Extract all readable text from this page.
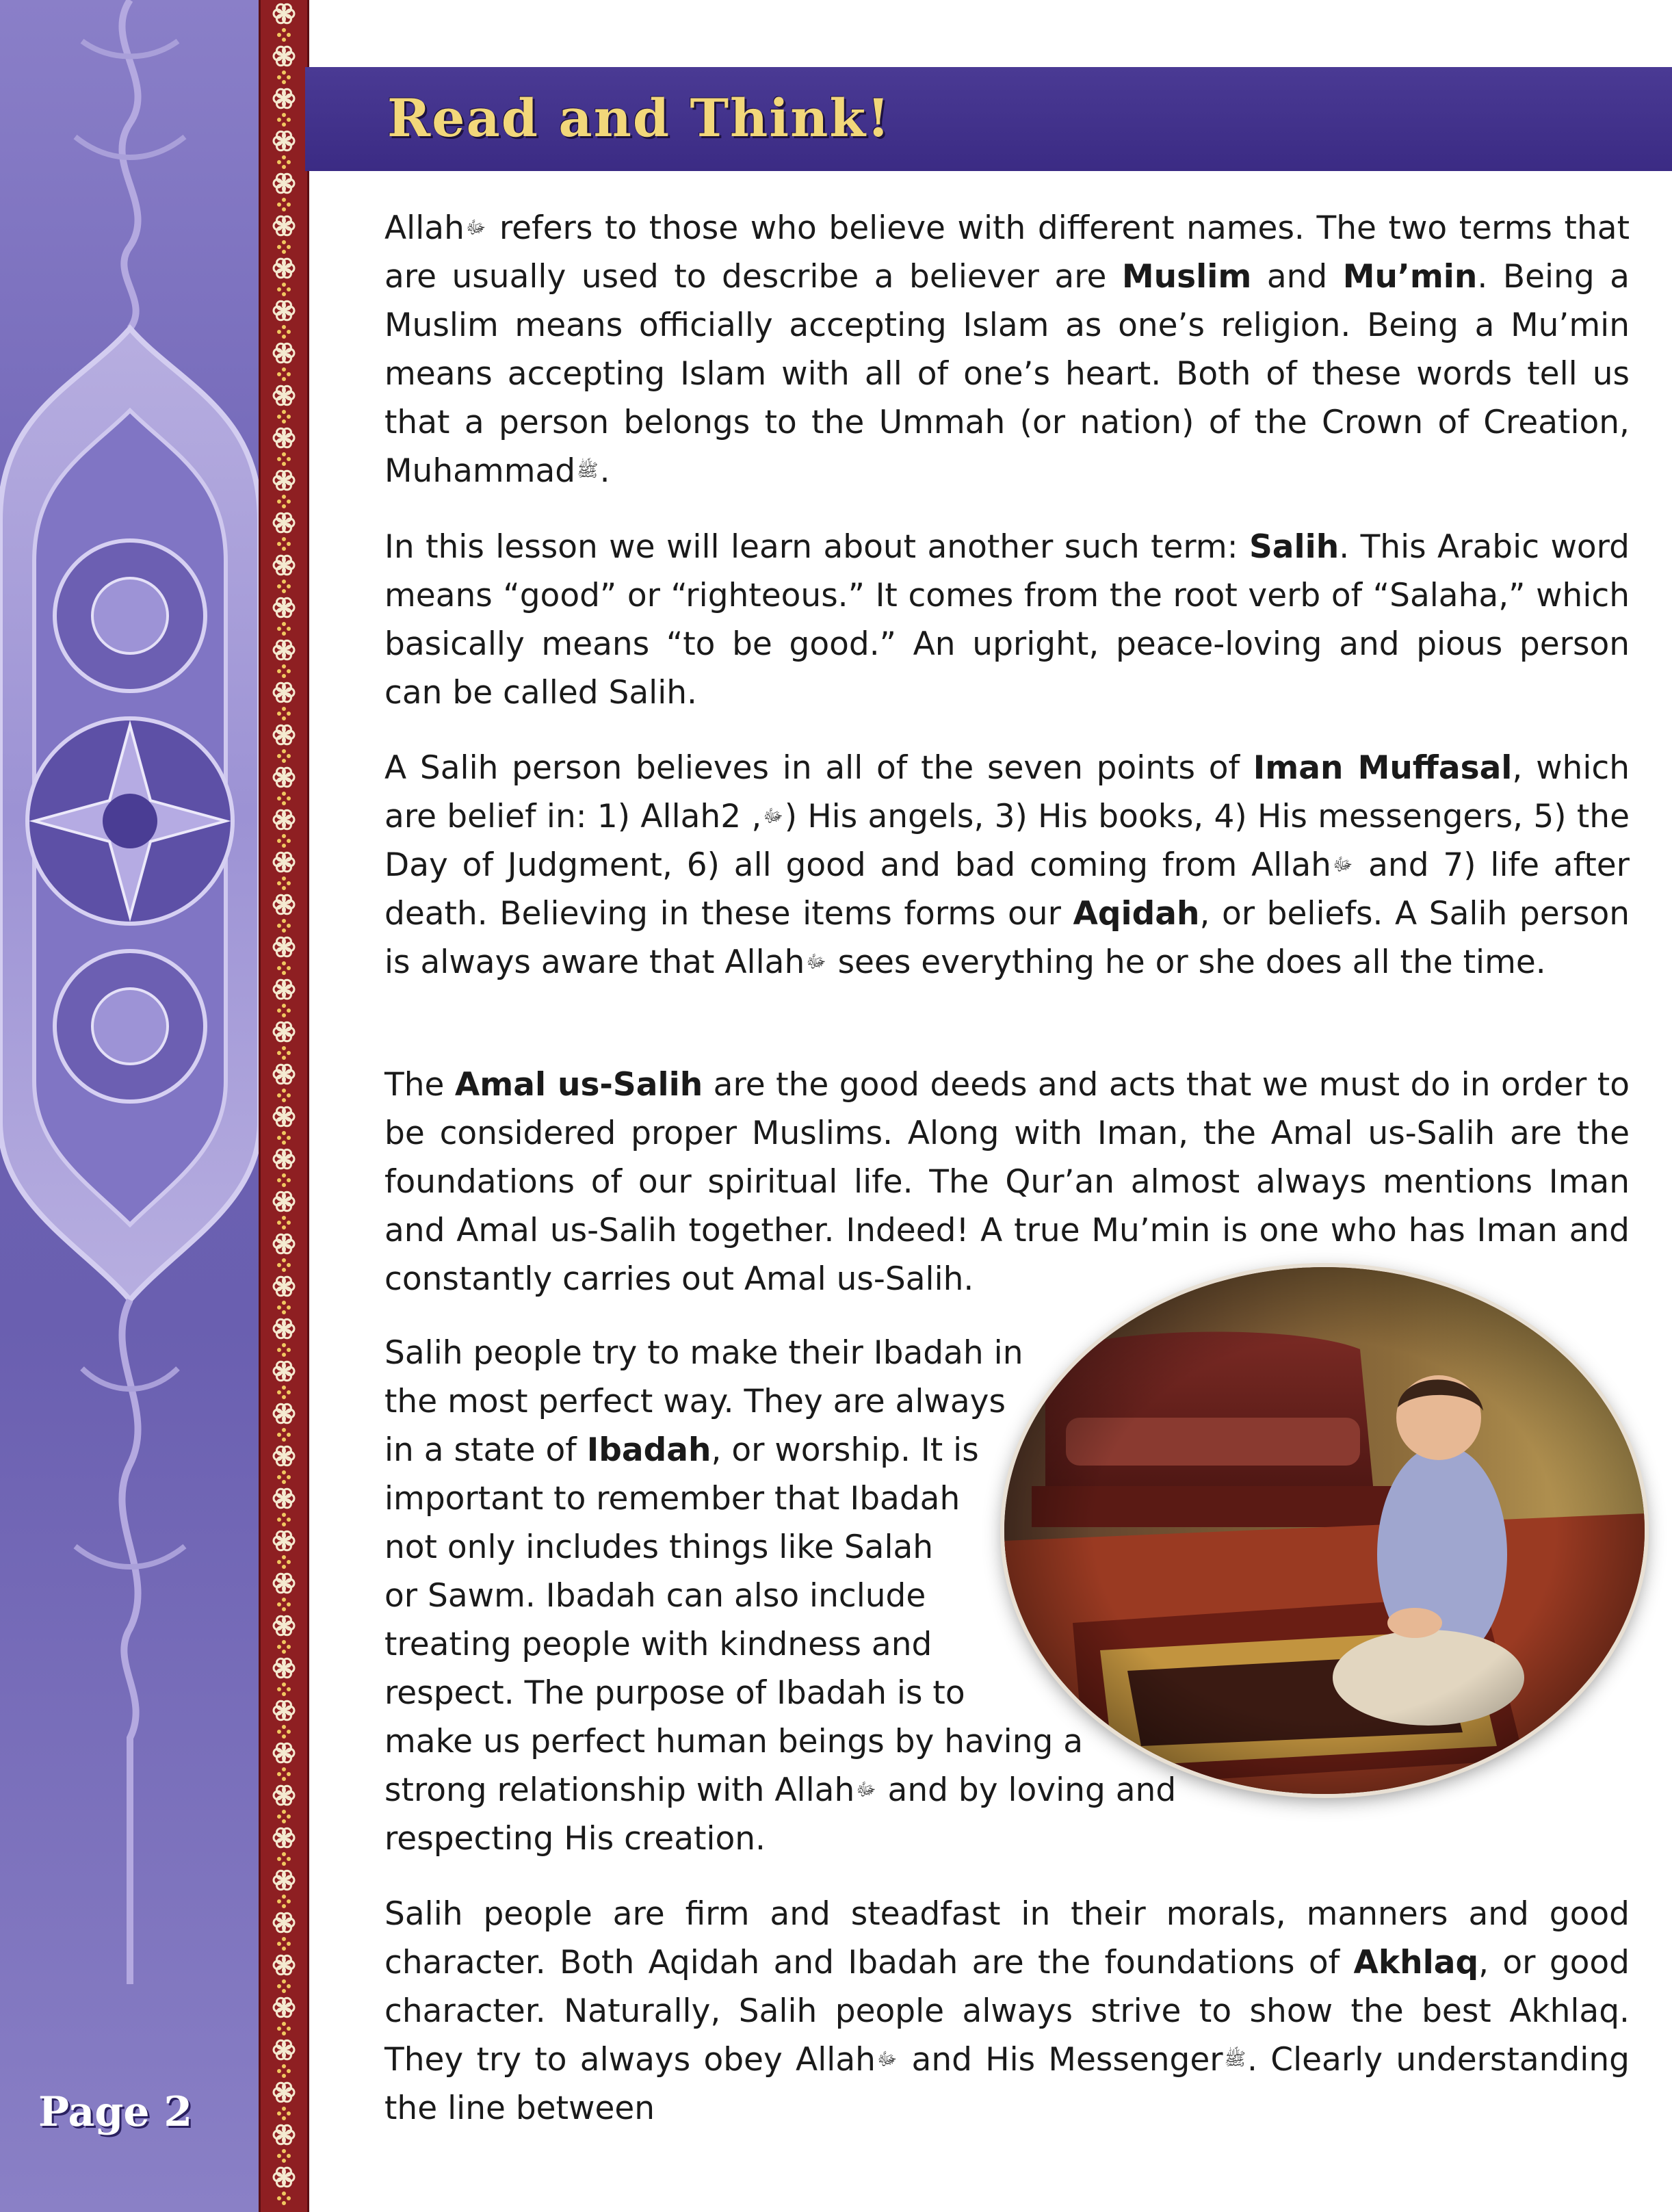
Read and Think!

Allahﷻ refers to those who believe with different names. The two terms that are usually used to describe a believer are Muslim and Mu’min. Being a Muslim means officially accepting Islam as one’s religion. Being a Mu’min means accepting Islam with all of one’s heart. Both of these words tell us that a person belongs to the Ummah (or nation) of the Crown of Creation, Muhammadﷺ.

In this lesson we will learn about another such term: Salih. This Arabic word means “good” or “righteous.” It comes from the root verb of “Salaha,” which basically means “to be good.” An upright, peace-loving and pious person can be called Salih.

A Salih person believes in all of the seven points of Iman Muffasal, which are belief in: 1) Allah ﷻ, 2) His angels, 3) His books, 4) His messengers, 5) the Day of Judgment, 6) all good and bad coming from Allahﷻ and 7) life after death. Believing in these items forms our Aqidah, or beliefs. A Salih person is always aware that Allahﷻ sees everything he or she does all the time.

The Amal us-Salih are the good deeds and acts that we must do in order to be considered proper Muslims. Along with Iman, the Amal us-Salih are the foundations of our spiritual life. The Qur’an almost always mentions Iman and Amal us-Salih together. Indeed! A true Mu’min is one who has Iman and constantly carries out Amal us-Salih.

Salih people try to make their Ibadah in

the most perfect way. They are always

in a state of Ibadah, or worship. It is

important to remember that Ibadah

not only includes things like Salah

or Sawm. Ibadah can also include

treating people with kindness and

respect. The purpose of Ibadah is to

make us perfect human beings by having a

strong relationship with Allahﷻ and by loving and

respecting His creation.

Salih people are firm and steadfast in their morals, manners and good character. Both Aqidah and Ibadah are the foundations of Akhlaq, or good character. Naturally, Salih people always strive to show the best Akhlaq. They try to always obey Allahﷻ and His Messengerﷺ. Clearly understanding the line between

Page 2
